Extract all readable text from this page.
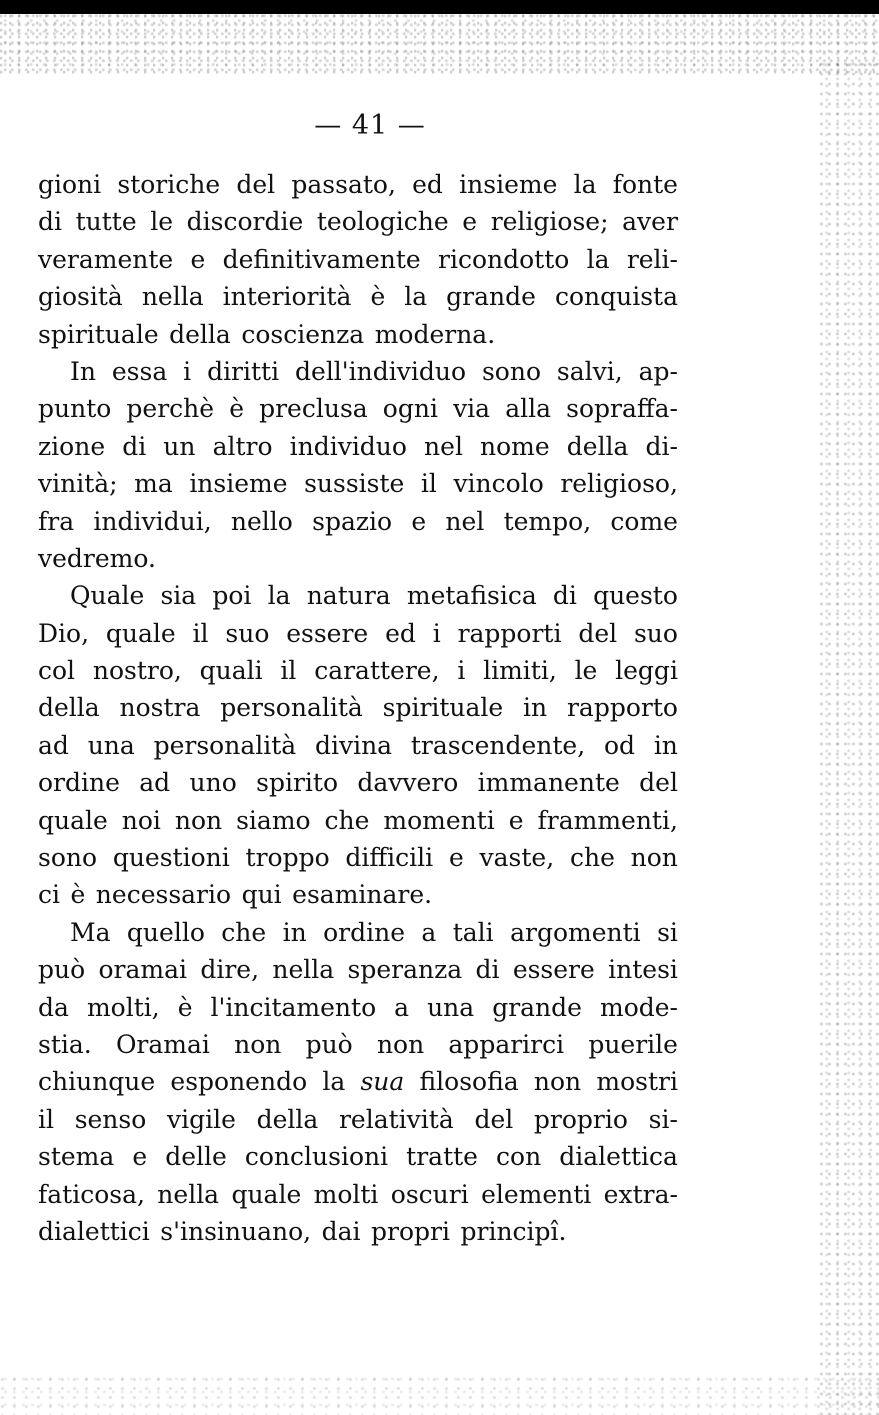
— 41 —
gioni storiche del passato, ed insieme la fonte
di tutte le discordie teologiche e religiose; aver
veramente e definitivamente ricondotto la reli-
giosità nella interiorità è la grande conquista
spirituale della coscienza moderna.
In essa i diritti dell'individuo sono salvi, ap-
punto perchè è preclusa ogni via alla sopraffa-
zione di un altro individuo nel nome della di-
vinità; ma insieme sussiste il vincolo religioso,
fra individui, nello spazio e nel tempo, come
vedremo.
Quale sia poi la natura metafisica di questo
Dio, quale il suo essere ed i rapporti del suo
col nostro, quali il carattere, i limiti, le leggi
della nostra personalità spirituale in rapporto
ad una personalità divina trascendente, od in
ordine ad uno spirito davvero immanente del
quale noi non siamo che momenti e frammenti,
sono questioni troppo difficili e vaste, che non
ci è necessario qui esaminare.
Ma quello che in ordine a tali argomenti si
può oramai dire, nella speranza di essere intesi
da molti, è l'incitamento a una grande mode-
stia. Oramai non può non apparirci puerile
chiunque esponendo la sua filosofia non mostri
il senso vigile della relatività del proprio si-
stema e delle conclusioni tratte con dialettica
faticosa, nella quale molti oscuri elementi extra-
dialettici s'insinuano, dai propri principî.
